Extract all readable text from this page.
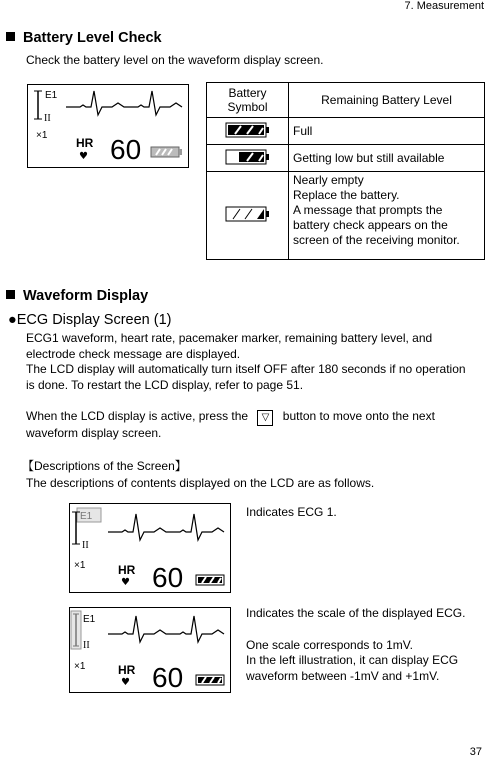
7. Measurement
Battery Level Check
Check the battery level on the waveform display screen.
E1
II
×1
HR
♥ 60
Battery Symbol	Remaining Battery Level
	Full
	Getting low but still available

Nearly empty
Replace the battery.
A message that prompts the battery check appears on the screen of the receiving monitor.
Waveform Display
●ECG Display Screen (1)
ECG1 waveform, heart rate, pacemaker marker, remaining battery level, and electrode check message are displayed.
The LCD display will automatically turn itself OFF after 180 seconds if no operation is done. To restart the LCD display, refer to page 51.
When the LCD display is active, press the ▽ button to move onto the next waveform display screen.
【Descriptions of the Screen】
The descriptions of contents displayed on the LCD are as follows.
E1
II
×1	HR
♥ 60
Indicates ECG 1.
E1
II
×1	HR
♥ 60
Indicates the scale of the displayed ECG.
One scale corresponds to 1mV.
In the left illustration, it can display ECG waveform between -1mV and +1mV.
37
